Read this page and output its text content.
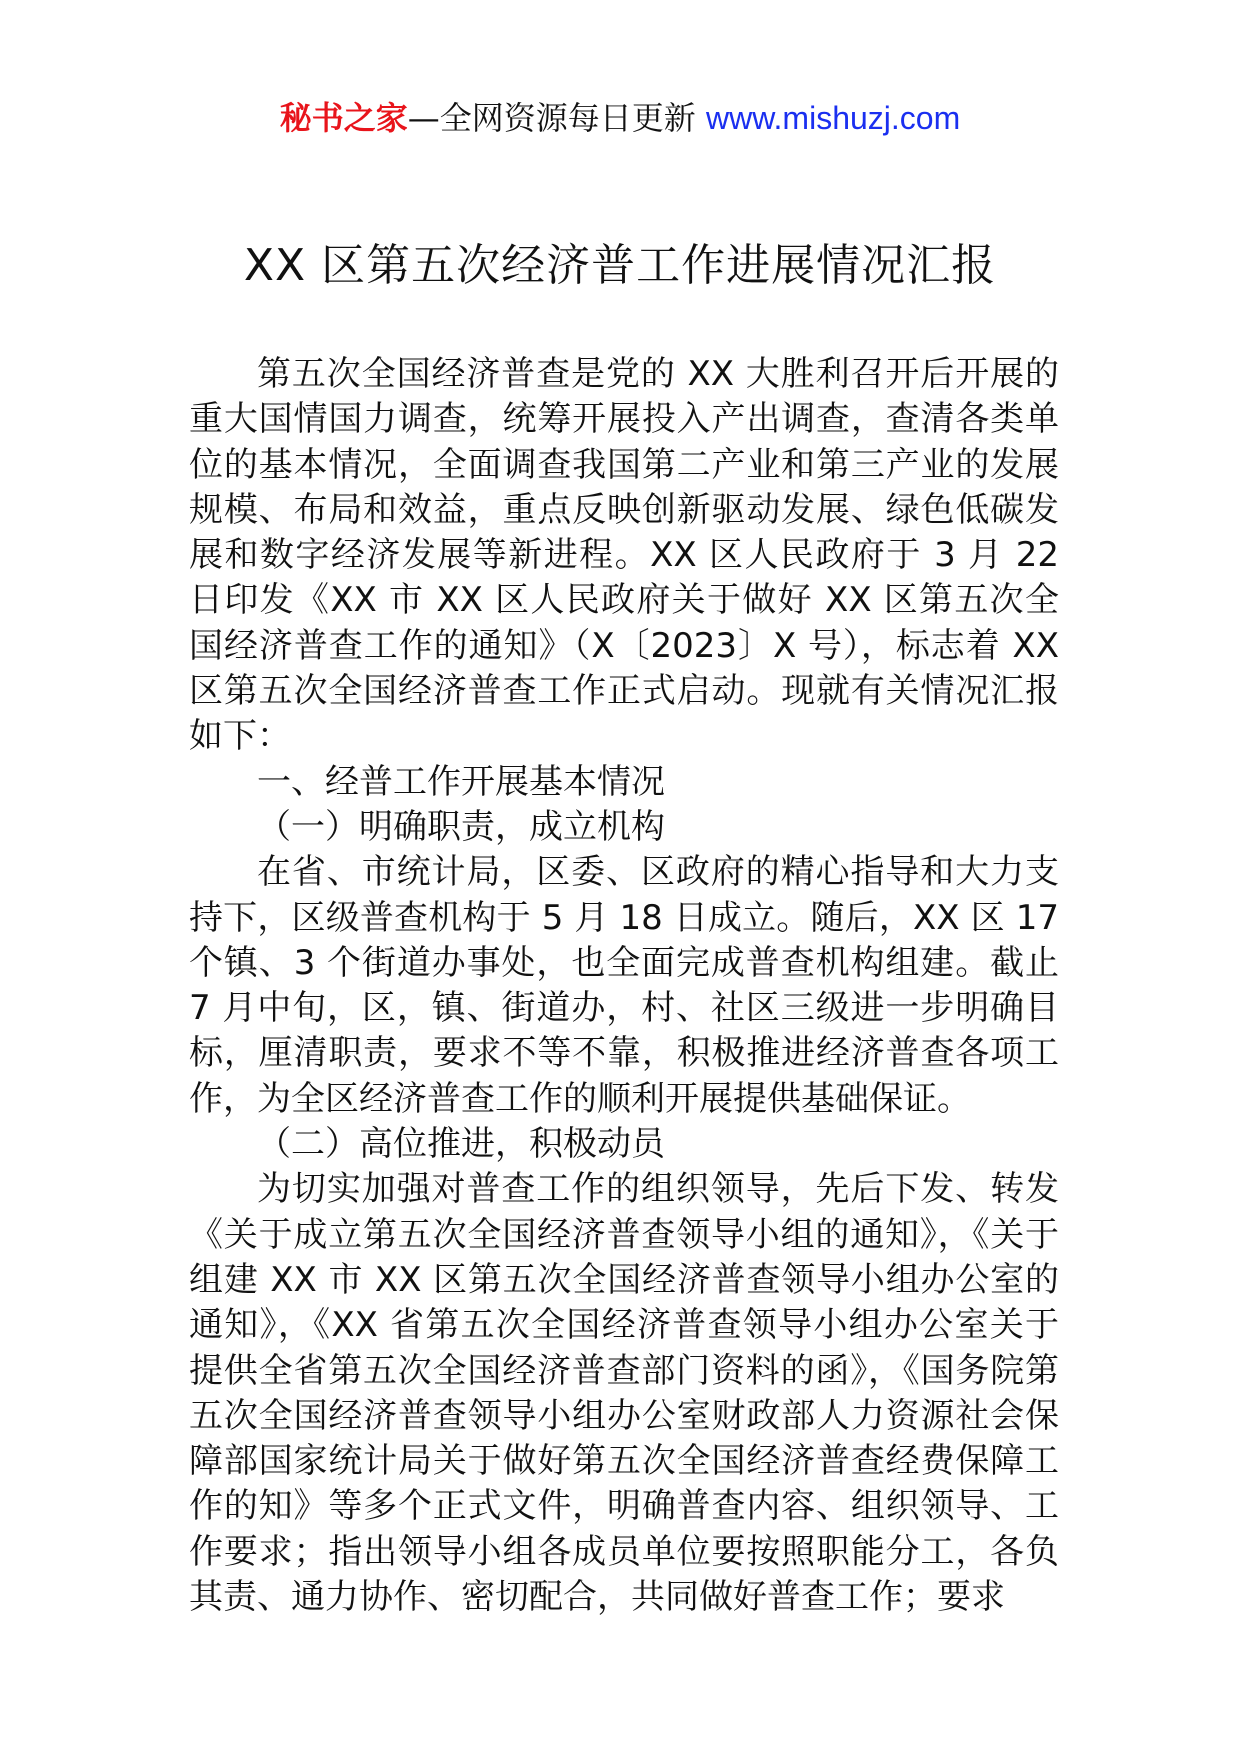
秘书之家—全网资源每日更新 www.mishuzj.com
XX 区第五次经济普工作进展情况汇报

第五次全国经济普查是党的 XX 大胜利召开后开展的重大国情国力调查，统筹开展投入产出调查，查清各类单位的基本情况，全面调查我国第二产业和第三产业的发展规模、布局和效益，重点反映创新驱动发展、绿色低碳发展和数字经济发展等新进程。XX 区人民政府于 3 月 22 日印发《XX 市 XX 区人民政府关于做好 XX 区第五次全国经济普查工作的通知》（X〔2023〕X 号），标志着 XX 区第五次全国经济普查工作正式启动。现就有关情况汇报如下：

一、经普工作开展基本情况

（一）明确职责，成立机构

在省、市统计局，区委、区政府的精心指导和大力支持下，区级普查机构于 5 月 18 日成立。随后，XX 区 17 个镇、3 个街道办事处，也全面完成普查机构组建。截止 7 月中旬，区，镇、街道办，村、社区三级进一步明确目标，厘清职责，要求不等不靠，积极推进经济普查各项工作，为全区经济普查工作的顺利开展提供基础保证。

（二）高位推进，积极动员

为切实加强对普查工作的组织领导，先后下发、转发《关于成立第五次全国经济普查领导小组的通知》，《关于组建 XX 市 XX 区第五次全国经济普查领导小组办公室的通知》，《XX 省第五次全国经济普查领导小组办公室关于提供全省第五次全国经济普查部门资料的函》，《国务院第五次全国经济普查领导小组办公室财政部人力资源社会保障部国家统计局关于做好第五次全国经济普查经费保障工作的知》等多个正式文件，明确普查内容、组织领导、工作要求；指出领导小组各成员单位要按照职能分工，各负其责、通力协作、密切配合，共同做好普查工作；要求
